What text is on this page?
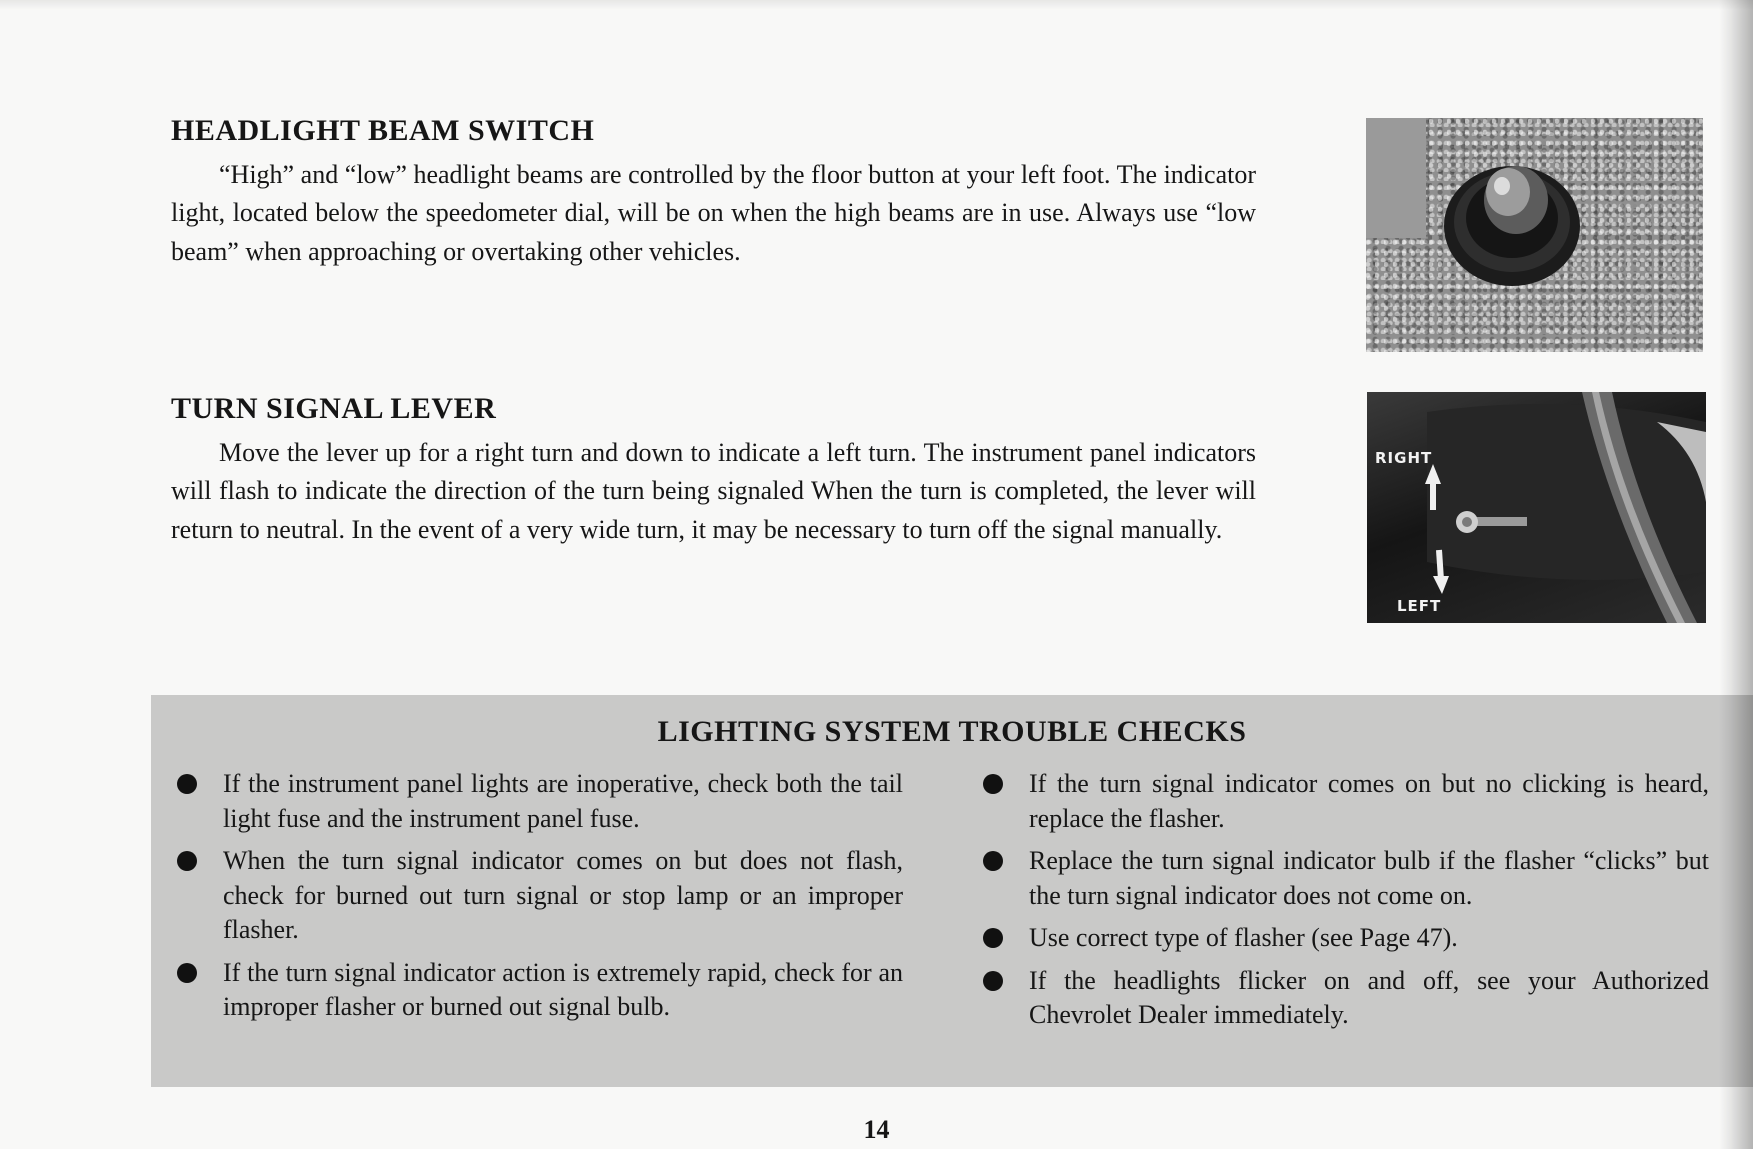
HEADLIGHT BEAM SWITCH

“High” and “low” headlight beams are controlled by the floor button at your left foot. The indicator light, located below the speedometer dial, will be on when the high beams are in use. Always use “low beam” when approaching or overtaking other vehicles.

TURN SIGNAL LEVER

Move the lever up for a right turn and down to indicate a left turn. The instrument panel indicators will flash to indicate the direction of the turn being signaled When the turn is completed, the lever will return to neutral. In the event of a very wide turn, it may be necessary to turn off the signal manually.

RIGHT
LEFT
LIGHTING SYSTEM TROUBLE CHECKS
If the instrument panel lights are inoperative, check both the tail light fuse and the instrument panel fuse.
When the turn signal indicator comes on but does not flash, check for burned out turn signal or stop lamp or an improper flasher.
If the turn signal indicator action is extremely rapid, check for an improper flasher or burned out signal bulb.
If the turn signal indicator comes on but no clicking is heard, replace the flasher.
Replace the turn signal indicator bulb if the flasher “clicks” but the turn signal indicator does not come on.
Use correct type of flasher (see Page 47).
If the headlights flicker on and off, see your Authorized Chevrolet Dealer immediately.

14
